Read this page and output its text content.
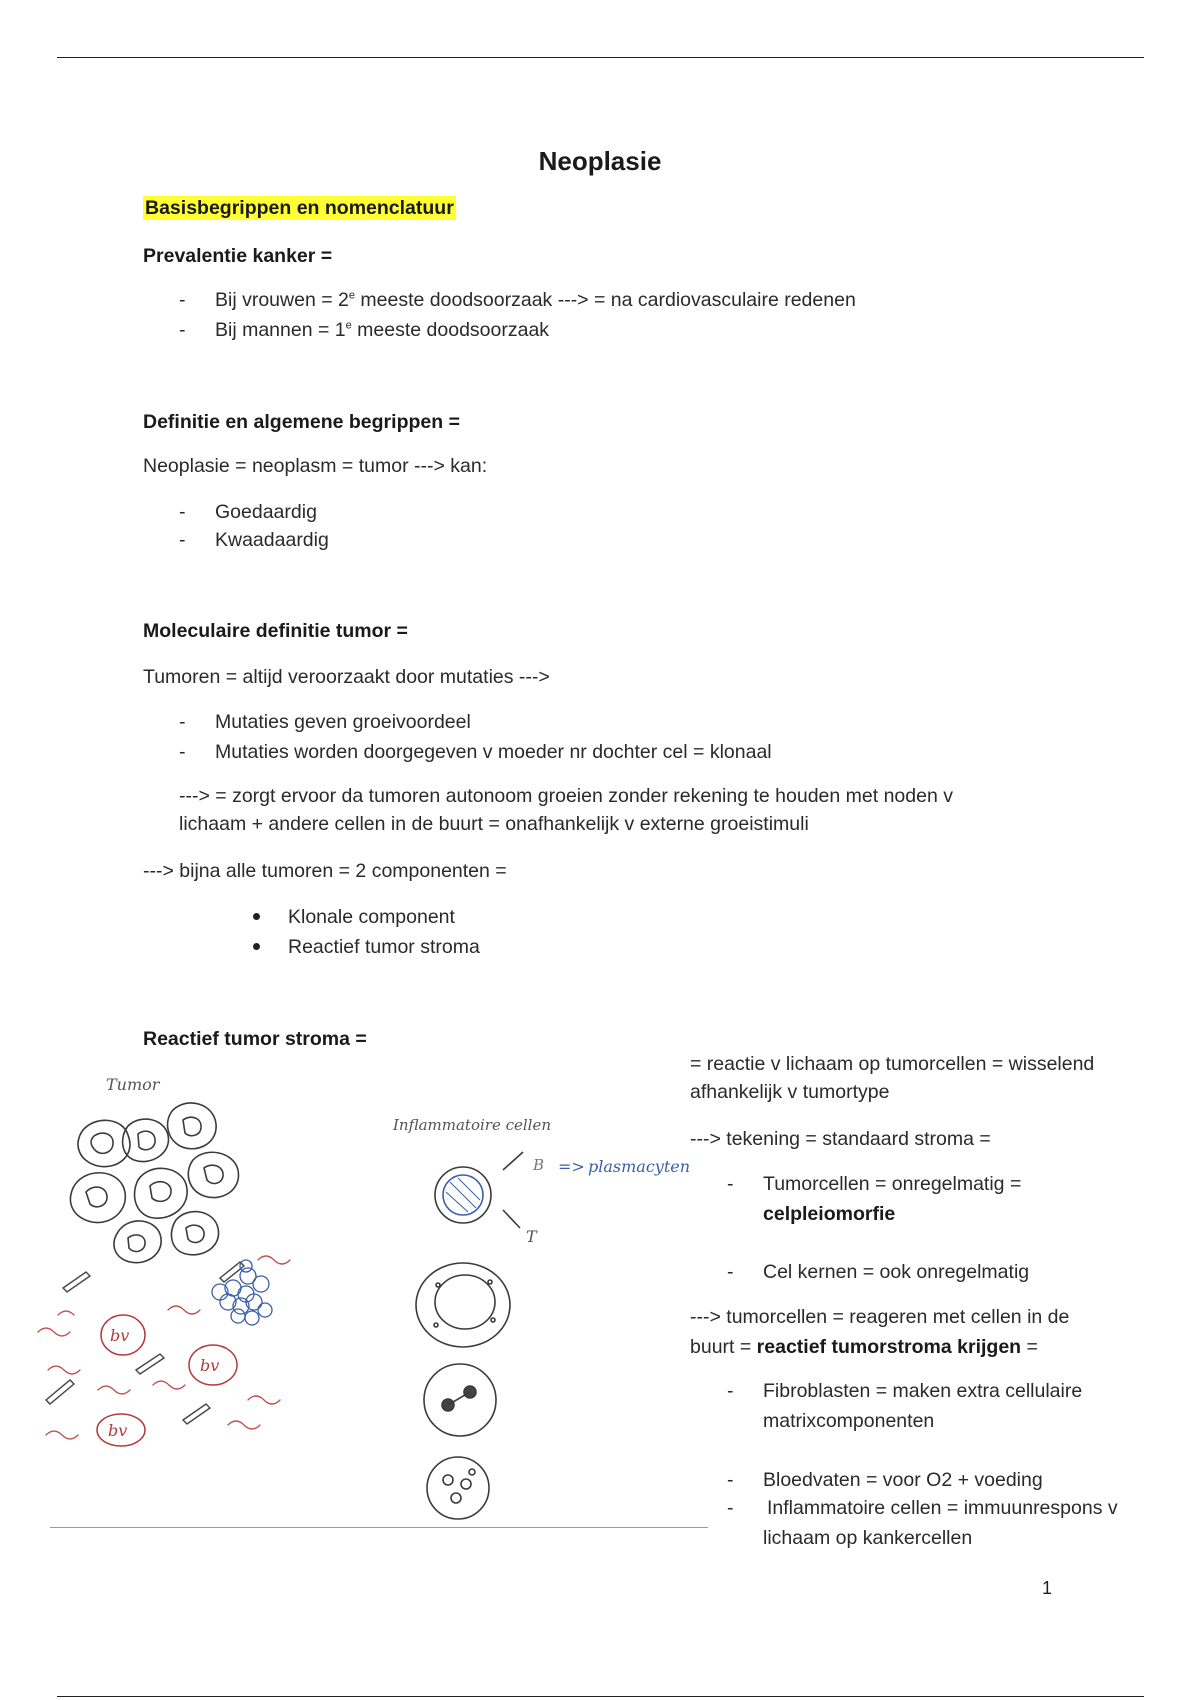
Neoplasie
Basisbegrippen en nomenclatuur
Prevalentie kanker =
- Bij vrouwen = $2^e$ meeste doodsoorzaak ---> = na cardiovasculaire redenen
- Bij mannen = $1^e$ meeste doodsoorzaak
Definitie en algemene begrippen =
Neoplasie = neoplasm = tumor ---> kan:
- Goedaardig
- Kwaadaardig
Moleculaire definitie tumor =
Tumoren = altijd veroorzaakt door mutaties --->
- Mutaties geven groeivoordeel
- Mutaties worden doorgegeven v moeder nr dochter cel = klonaal
---> = zorgt ervoor da tumoren autonoom groeien zonder rekening te houden met noden v
lichaam + andere cellen in de buurt = onafhankelijk v externe groeistimuli
---> bijna alle tumoren = 2 componenten =
Klonale component
Reactief tumor stroma
Reactief tumor stroma =
= reactie v lichaam op tumorcellen = wisselend
afhankelijk v tumortype
---> tekening = standaard stroma =
- Tumorcellen = onregelmatig =
celpleiomorfie
- Cel kernen = ook onregelmatig
---> tumorcellen = reageren met cellen in de
buurt = reactief tumorstroma krijgen =
- Fibroblasten = maken extra cellulaire
matrixcomponenten
- Bloedvaten = voor O2 + voeding
- Inflammatoire cellen = immuunrespons v
lichaam op kankercellen
Tumor
bv
bv
bv
Inflammatoire cellen
B => plasmacyten
T
1
